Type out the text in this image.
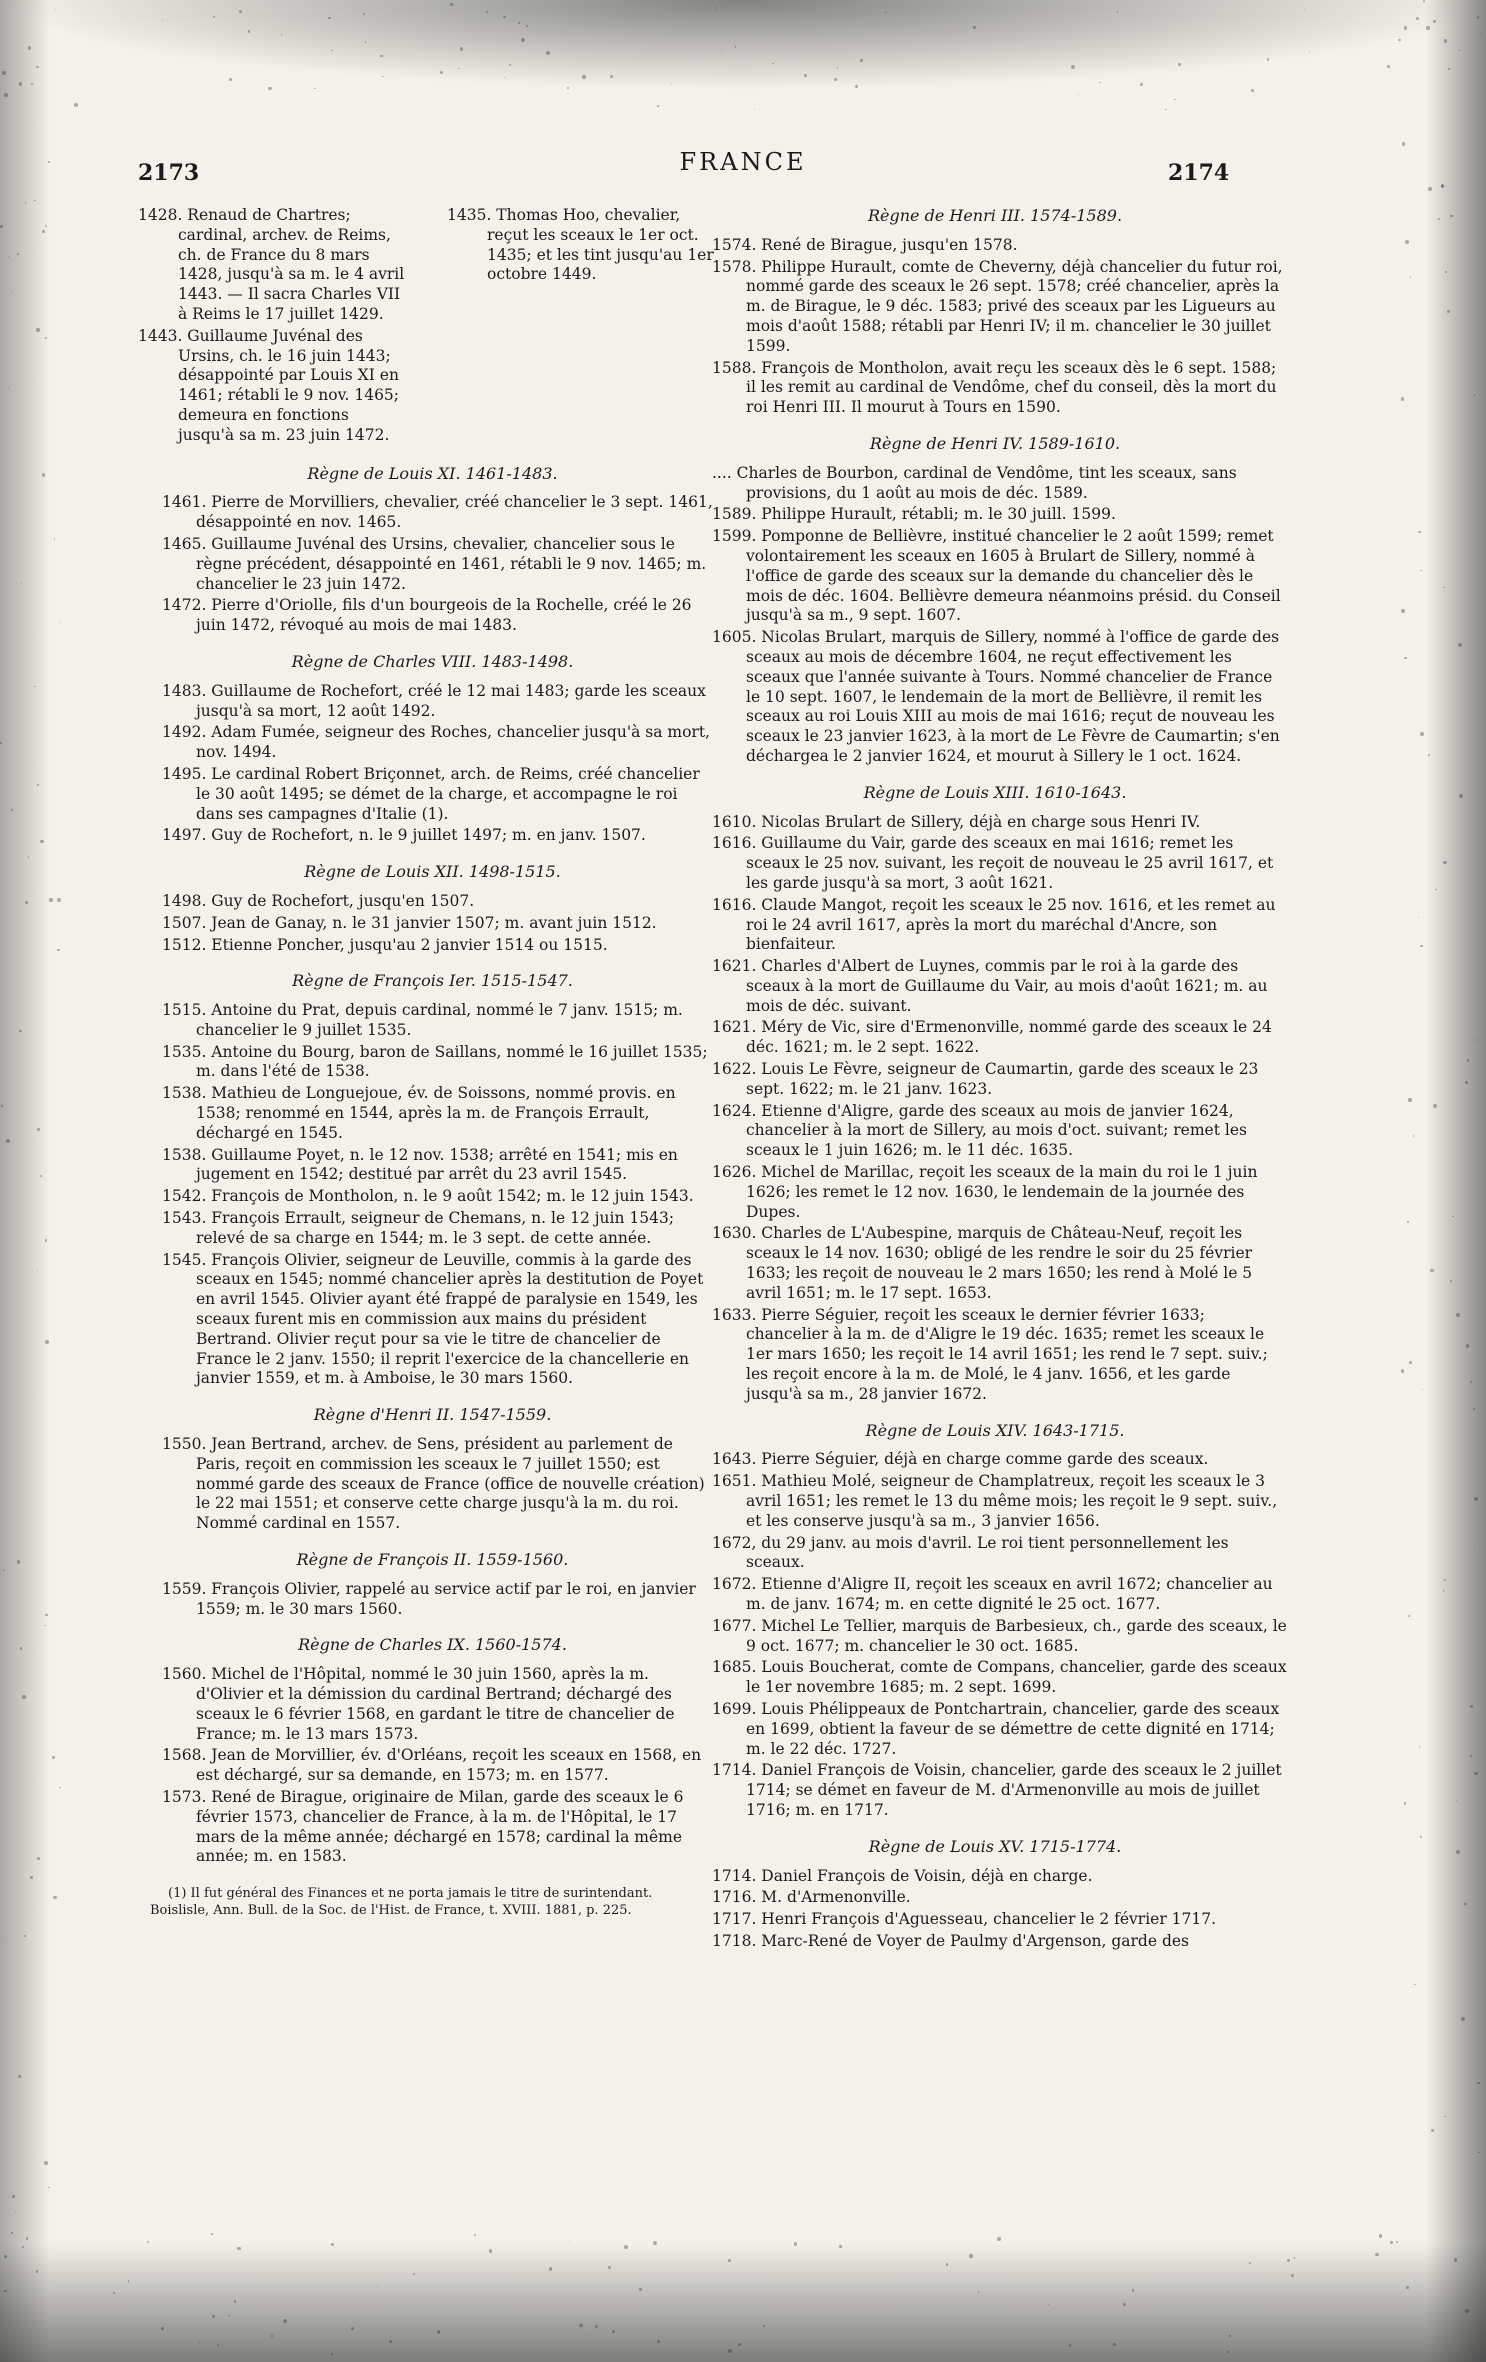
2173	FRANCE	2174

1428. Renaud de Chartres; cardinal, archev. de Reims, ch. de France du 8 mars 1428, jusqu'à sa m. le 4 avril 1443. — Il sacra Charles VII à Reims le 17 juillet 1429.

1443. Guillaume Juvénal des Ursins, ch. le 16 juin 1443; désappointé par Louis XI en 1461; rétabli le 9 nov. 1465; demeura en fonctions jusqu'à sa m. 23 juin 1472.

1435. Thomas Hoo, chevalier, reçut les sceaux le 1er oct. 1435; et les tint jusqu'au 1er octobre 1449.

Règne de Louis XI. 1461-1483.

1461. Pierre de Morvilliers, chevalier, créé chancelier le 3 sept. 1461, désappointé en nov. 1465.

1465. Guillaume Juvénal des Ursins, chevalier, chancelier sous le règne précédent, désappointé en 1461, rétabli le 9 nov. 1465; m. chancelier le 23 juin 1472.

1472. Pierre d'Oriolle, fils d'un bourgeois de la Rochelle, créé le 26 juin 1472, révoqué au mois de mai 1483.

Règne de Charles VIII. 1483-1498.

1483. Guillaume de Rochefort, créé le 12 mai 1483; garde les sceaux jusqu'à sa mort, 12 août 1492.

1492. Adam Fumée, seigneur des Roches, chancelier jusqu'à sa mort, nov. 1494.

1495. Le cardinal Robert Briçonnet, arch. de Reims, créé chancelier le 30 août 1495; se démet de la charge, et accompagne le roi dans ses campagnes d'Italie (1).

1497. Guy de Rochefort, n. le 9 juillet 1497; m. en janv. 1507.

Règne de Louis XII. 1498-1515.

1498. Guy de Rochefort, jusqu'en 1507.

1507. Jean de Ganay, n. le 31 janvier 1507; m. avant juin 1512.

1512. Etienne Poncher, jusqu'au 2 janvier 1514 ou 1515.

Règne de François Ier. 1515-1547.

1515. Antoine du Prat, depuis cardinal, nommé le 7 janv. 1515; m. chancelier le 9 juillet 1535.

1535. Antoine du Bourg, baron de Saillans, nommé le 16 juillet 1535; m. dans l'été de 1538.

1538. Mathieu de Longuejoue, év. de Soissons, nommé provis. en 1538; renommé en 1544, après la m. de François Errault, déchargé en 1545.

1538. Guillaume Poyet, n. le 12 nov. 1538; arrêté en 1541; mis en jugement en 1542; destitué par arrêt du 23 avril 1545.

1542. François de Montholon, n. le 9 août 1542; m. le 12 juin 1543.

1543. François Errault, seigneur de Chemans, n. le 12 juin 1543; relevé de sa charge en 1544; m. le 3 sept. de cette année.

1545. François Olivier, seigneur de Leuville, commis à la garde des sceaux en 1545; nommé chancelier après la destitution de Poyet en avril 1545. Olivier ayant été frappé de paralysie en 1549, les sceaux furent mis en commission aux mains du président Bertrand. Olivier reçut pour sa vie le titre de chancelier de France le 2 janv. 1550; il reprit l'exercice de la chancellerie en janvier 1559, et m. à Amboise, le 30 mars 1560.

Règne d'Henri II. 1547-1559.

1550. Jean Bertrand, archev. de Sens, président au parlement de Paris, reçoit en commission les sceaux le 7 juillet 1550; est nommé garde des sceaux de France (office de nouvelle création) le 22 mai 1551; et conserve cette charge jusqu'à la m. du roi. Nommé cardinal en 1557.

Règne de François II. 1559-1560.

1559. François Olivier, rappelé au service actif par le roi, en janvier 1559; m. le 30 mars 1560.

Règne de Charles IX. 1560-1574.

1560. Michel de l'Hôpital, nommé le 30 juin 1560, après la m. d'Olivier et la démission du cardinal Bertrand; déchargé des sceaux le 6 février 1568, en gardant le titre de chancelier de France; m. le 13 mars 1573.

1568. Jean de Morvillier, év. d'Orléans, reçoit les sceaux en 1568, en est déchargé, sur sa demande, en 1573; m. en 1577.

1573. René de Birague, originaire de Milan, garde des sceaux le 6 février 1573, chancelier de France, à la m. de l'Hôpital, le 17 mars de la même année; déchargé en 1578; cardinal la même année; m. en 1583.

(1) Il fut général des Finances et ne porta jamais le titre de surintendant. Boislisle, Ann. Bull. de la Soc. de l'Hist. de France, t. XVIII. 1881, p. 225.

Règne de Henri III. 1574-1589.

1574. René de Birague, jusqu'en 1578.

1578. Philippe Hurault, comte de Cheverny, déjà chancelier du futur roi, nommé garde des sceaux le 26 sept. 1578; créé chancelier, après la m. de Birague, le 9 déc. 1583; privé des sceaux par les Ligueurs au mois d'août 1588; rétabli par Henri IV; il m. chancelier le 30 juillet 1599.

1588. François de Montholon, avait reçu les sceaux dès le 6 sept. 1588; il les remit au cardinal de Vendôme, chef du conseil, dès la mort du roi Henri III. Il mourut à Tours en 1590.

Règne de Henri IV. 1589-1610.

.... Charles de Bourbon, cardinal de Vendôme, tint les sceaux, sans provisions, du 1 août au mois de déc. 1589.

1589. Philippe Hurault, rétabli; m. le 30 juill. 1599.

1599. Pomponne de Bellièvre, institué chancelier le 2 août 1599; remet volontairement les sceaux en 1605 à Brulart de Sillery, nommé à l'office de garde des sceaux sur la demande du chancelier dès le mois de déc. 1604. Bellièvre demeura néanmoins présid. du Conseil jusqu'à sa m., 9 sept. 1607.

1605. Nicolas Brulart, marquis de Sillery, nommé à l'office de garde des sceaux au mois de décembre 1604, ne reçut effectivement les sceaux que l'année suivante à Tours. Nommé chancelier de France le 10 sept. 1607, le lendemain de la mort de Bellièvre, il remit les sceaux au roi Louis XIII au mois de mai 1616; reçut de nouveau les sceaux le 23 janvier 1623, à la mort de Le Fèvre de Caumartin; s'en déchargea le 2 janvier 1624, et mourut à Sillery le 1 oct. 1624.

Règne de Louis XIII. 1610-1643.

1610. Nicolas Brulart de Sillery, déjà en charge sous Henri IV.

1616. Guillaume du Vair, garde des sceaux en mai 1616; remet les sceaux le 25 nov. suivant, les reçoit de nouveau le 25 avril 1617, et les garde jusqu'à sa mort, 3 août 1621.

1616. Claude Mangot, reçoit les sceaux le 25 nov. 1616, et les remet au roi le 24 avril 1617, après la mort du maréchal d'Ancre, son bienfaiteur.

1621. Charles d'Albert de Luynes, commis par le roi à la garde des sceaux à la mort de Guillaume du Vair, au mois d'août 1621; m. au mois de déc. suivant.

1621. Méry de Vic, sire d'Ermenonville, nommé garde des sceaux le 24 déc. 1621; m. le 2 sept. 1622.

1622. Louis Le Fèvre, seigneur de Caumartin, garde des sceaux le 23 sept. 1622; m. le 21 janv. 1623.

1624. Etienne d'Aligre, garde des sceaux au mois de janvier 1624, chancelier à la mort de Sillery, au mois d'oct. suivant; remet les sceaux le 1 juin 1626; m. le 11 déc. 1635.

1626. Michel de Marillac, reçoit les sceaux de la main du roi le 1 juin 1626; les remet le 12 nov. 1630, le lendemain de la journée des Dupes.

1630. Charles de L'Aubespine, marquis de Château-Neuf, reçoit les sceaux le 14 nov. 1630; obligé de les rendre le soir du 25 février 1633; les reçoit de nouveau le 2 mars 1650; les rend à Molé le 5 avril 1651; m. le 17 sept. 1653.

1633. Pierre Séguier, reçoit les sceaux le dernier février 1633; chancelier à la m. de d'Aligre le 19 déc. 1635; remet les sceaux le 1er mars 1650; les reçoit le 14 avril 1651; les rend le 7 sept. suiv.; les reçoit encore à la m. de Molé, le 4 janv. 1656, et les garde jusqu'à sa m., 28 janvier 1672.

Règne de Louis XIV. 1643-1715.

1643. Pierre Séguier, déjà en charge comme garde des sceaux.

1651. Mathieu Molé, seigneur de Champlatreux, reçoit les sceaux le 3 avril 1651; les remet le 13 du même mois; les reçoit le 9 sept. suiv., et les conserve jusqu'à sa m., 3 janvier 1656.

1672, du 29 janv. au mois d'avril. Le roi tient personnellement les sceaux.

1672. Etienne d'Aligre II, reçoit les sceaux en avril 1672; chancelier au m. de janv. 1674; m. en cette dignité le 25 oct. 1677.

1677. Michel Le Tellier, marquis de Barbesieux, ch., garde des sceaux, le 9 oct. 1677; m. chancelier le 30 oct. 1685.

1685. Louis Boucherat, comte de Compans, chancelier, garde des sceaux le 1er novembre 1685; m. 2 sept. 1699.

1699. Louis Phélippeaux de Pontchartrain, chancelier, garde des sceaux en 1699, obtient la faveur de se démettre de cette dignité en 1714; m. le 22 déc. 1727.

1714. Daniel François de Voisin, chancelier, garde des sceaux le 2 juillet 1714; se démet en faveur de M. d'Armenonville au mois de juillet 1716; m. en 1717.

Règne de Louis XV. 1715-1774.

1714. Daniel François de Voisin, déjà en charge.

1716. M. d'Armenonville.

1717. Henri François d'Aguesseau, chancelier le 2 février 1717.

1718. Marc-René de Voyer de Paulmy d'Argenson, garde des
